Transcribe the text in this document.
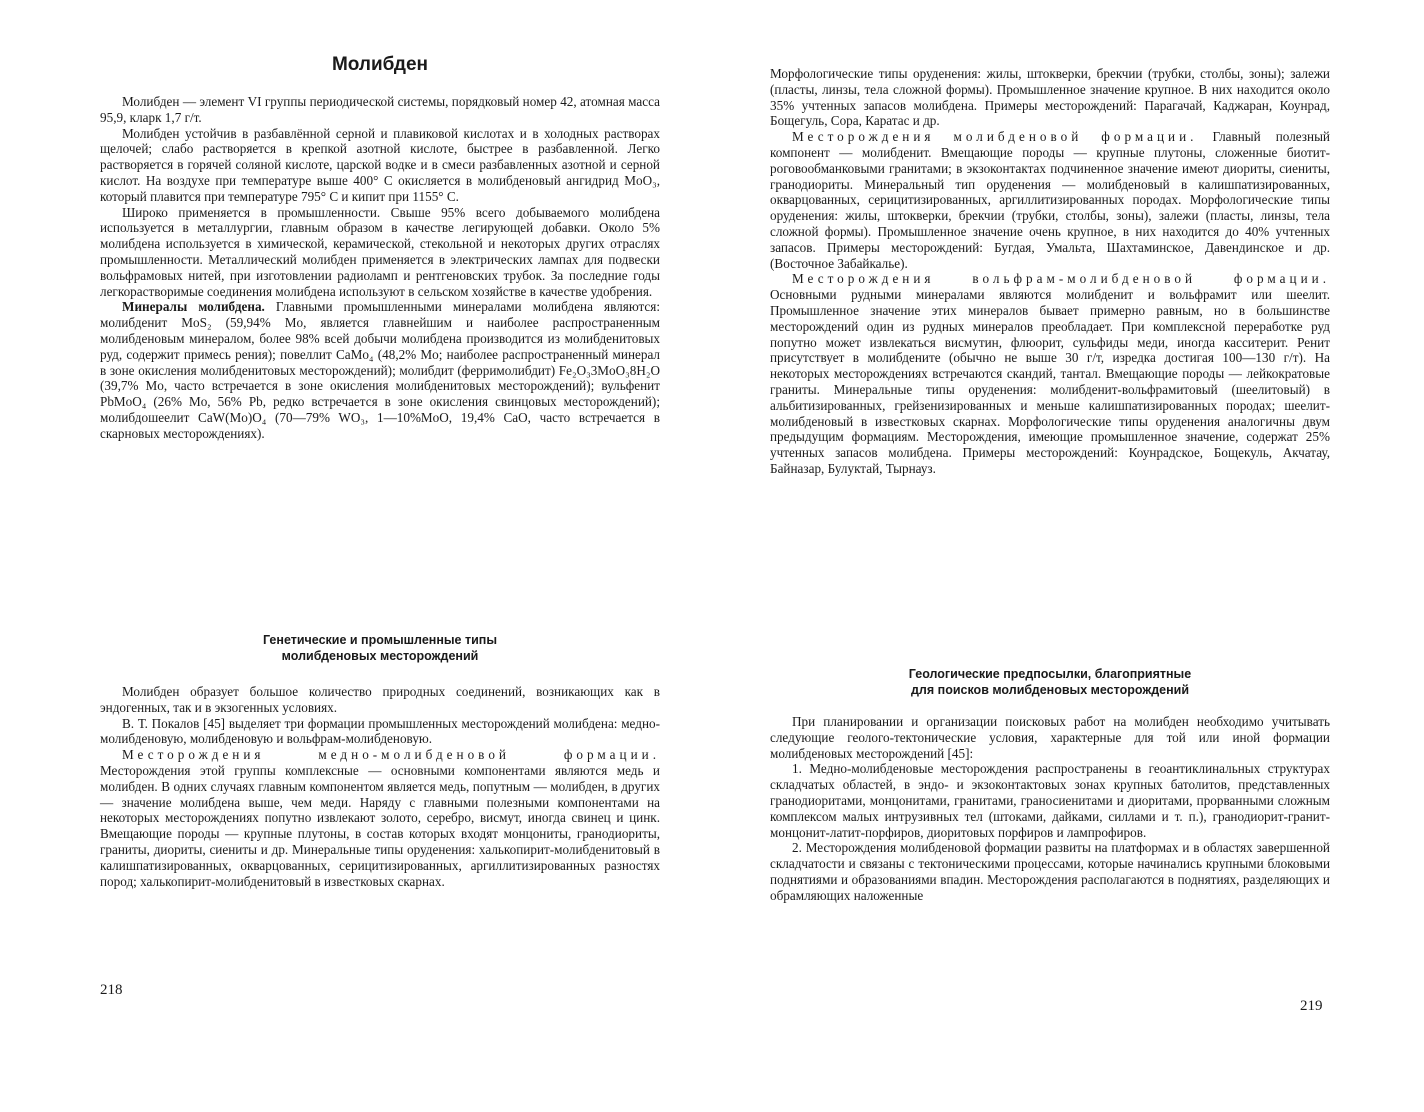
Молибден

Молибден — элемент VI группы периодической системы, порядковый номер 42, атомная масса 95,9, кларк 1,7 г/т.

Молибден устойчив в разбавлённой серной и плавиковой кислотах и в холодных растворах щелочей; слабо растворяется в крепкой азотной кислоте, быстрее в разбавленной. Легко растворяется в горячей соляной кислоте, царской водке и в смеси разбавленных азотной и серной кислот. На воздухе при температуре выше 400° С окисляется в молибденовый ангидрид MoO₃, который плавится при температуре 795° С и кипит при 1155° С.

Широко применяется в промышленности. Свыше 95% всего добываемого молибдена используется в металлургии, главным образом в качестве легирующей добавки. Около 5% молибдена используется в химической, керамической, стекольной и некоторых других отраслях промышленности. Металлический молибден применяется в электрических лампах для подвески вольфрамовых нитей, при изготовлении радиоламп и рентгеновских трубок. За последние годы легкорастворимые соединения молибдена используют в сельском хозяйстве в качестве удобрения.

Минералы молибдена. Главными промышленными минералами молибдена являются: молибденит MoS₂ (59,94% Mo, является главнейшим и наиболее распространенным молибденовым минералом, более 98% всей добычи молибдена производится из молибденитовых руд, содержит примесь рения); повеллит CaMo₄ (48,2% Mo; наиболее распространенный минерал в зоне окисления молибденитовых месторождений); молибдит (ферримолибдит) Fe₂O₃3MoO₃8H₂O (39,7% Mo, часто встречается в зоне окисления молибденитовых месторождений); вульфенит PbMoO₄ (26% Mo, 56% Pb, редко встречается в зоне окисления свинцовых месторождений); молибдошеелит CaW(Mo)O₄ (70—79% WO₃, 1—10%MoO, 19,4% CaO, часто встречается в скарновых месторождениях).

Генетические и промышленные типы
молибденовых месторождений

Молибден образует большое количество природных соединений, возникающих как в эндогенных, так и в экзогенных условиях.

В. Т. Покалов [45] выделяет три формации промышленных месторождений молибдена: медно-молибденовую, молибденовую и вольфрам-молибденовую.

Месторождения медно-молибденовой формации. Месторождения этой группы комплексные — основными компонентами являются медь и молибден. В одних случаях главным компонентом является медь, попутным — молибден, в других — значение молибдена выше, чем меди. Наряду с главными полезными компонентами на некоторых месторождениях попутно извлекают золото, серебро, висмут, иногда свинец и цинк. Вмещающие породы — крупные плутоны, в состав которых входят монцониты, гранодиориты, граниты, диориты, сиениты и др. Минеральные типы оруденения: халькопирит-молибденитовый в калишпатизированных, окварцованных, серицитизированных, аргиллитизированных разностях пород; халькопирит-молибденитовый в известковых скарнах.

218

Морфологические типы оруденения: жилы, штокверки, брекчии (трубки, столбы, зоны); залежи (пласты, линзы, тела сложной формы). Промышленное значение крупное. В них находится около 35% учтенных запасов молибдена. Примеры месторождений: Парагачай, Каджаран, Коунрад, Бощегуль, Сора, Каратас и др.

Месторождения молибденовой формации. Главный полезный компонент — молибденит. Вмещающие породы — крупные плутоны, сложенные биотит-роговообманковыми гранитами; в экзоконтактах подчиненное значение имеют диориты, сиениты, гранодиориты. Минеральный тип оруденения — молибденовый в калишпатизированных, окварцованных, серицитизированных, аргиллитизированных породах. Морфологические типы оруденения: жилы, штокверки, брекчии (трубки, столбы, зоны), залежи (пласты, линзы, тела сложной формы). Промышленное значение очень крупное, в них находится до 40% учтенных запасов. Примеры месторождений: Бугдая, Умальта, Шахтаминское, Давендинское и др. (Восточное Забайкалье).

Месторождения вольфрам-молибденовой формации. Основными рудными минералами являются молибденит и вольфрамит или шеелит. Промышленное значение этих минералов бывает примерно равным, но в большинстве месторождений один из рудных минералов преобладает. При комплексной переработке руд попутно может извлекаться висмутин, флюорит, сульфиды меди, иногда касситерит. Ренит присутствует в молибдените (обычно не выше 30 г/т, изредка достигая 100—130 г/т). На некоторых месторождениях встречаются скандий, тантал. Вмещающие породы — лейкократовые граниты. Минеральные типы оруденения: молибденит-вольфрамитовый (шеелитовый) в альбитизированных, грейзенизированных и меньше калишпатизированных породах; шеелит-молибденовый в известковых скарнах. Морфологические типы оруденения аналогичны двум предыдущим формациям. Месторождения, имеющие промышленное значение, содержат 25% учтенных запасов молибдена. Примеры месторождений: Коунрадское, Бощекуль, Акчатау, Байназар, Булуктай, Тырнауз.

Геологические предпосылки, благоприятные
для поисков молибденовых месторождений

При планировании и организации поисковых работ на молибден необходимо учитывать следующие геолого-тектонические условия, характерные для той или иной формации молибденовых месторождений [45]:

1. Медно-молибденовые месторождения распространены в геоантиклинальных структурах складчатых областей, в эндо- и экзоконтактовых зонах крупных батолитов, представленных гранодиоритами, монцонитами, гранитами, граносиенитами и диоритами, прорванными сложным комплексом малых интрузивных тел (штоками, дайками, силлами и т. п.), гранодиорит-гранит-монцонит-латит-порфиров, диоритовых порфиров и лампрофиров.

2. Месторождения молибденовой формации развиты на платформах и в областях завершенной складчатости и связаны с тектоническими процессами, которые начинались крупными блоковыми поднятиями и образованиями впадин. Месторождения располагаются в поднятиях, разделяющих и обрамляющих наложенные

219
